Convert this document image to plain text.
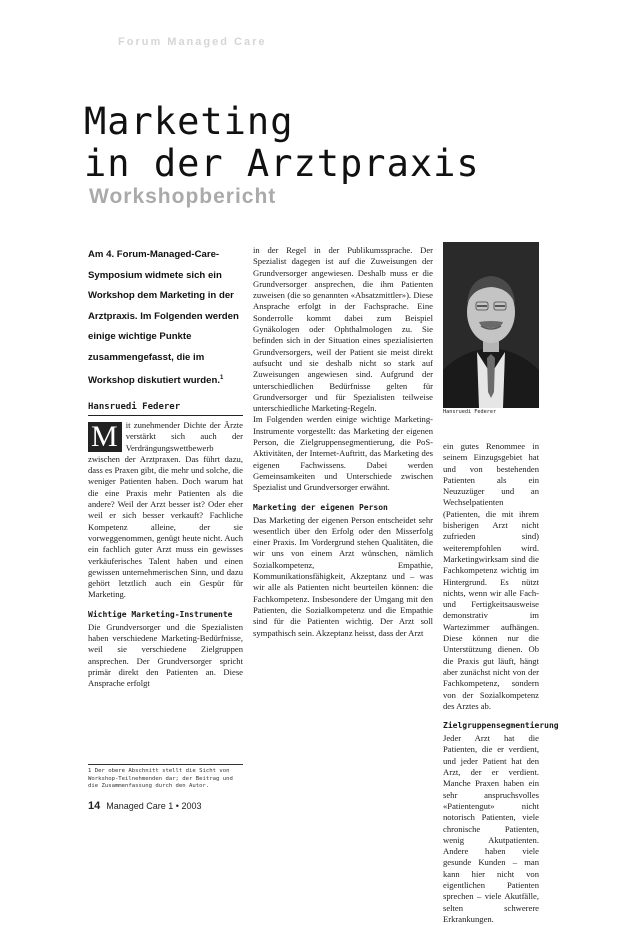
Forum Managed Care
Marketing
in der Arztpraxis
Workshopbericht
Am 4. Forum-Managed-Care-Symposium widmete sich ein Workshop dem Marketing in der Arztpraxis. Im Folgenden werden einige wichtige Punkte zusammengefasst, die im Workshop diskutiert wurden.$^1$
Hansruedi Federer

M it zunehmender Dichte der Ärzte verstärkt sich auch der Verdrängungswettbewerb zwischen der Arztpraxen. Das führt dazu, dass es Praxen gibt, die mehr und solche, die weniger Patienten haben. Doch warum hat die eine Praxis mehr Patienten als die andere? Weil der Arzt besser ist? Oder eher weil er sich besser verkauft? Fachliche Kompetenz alleine, der sie vorweggenommen, genügt heute nicht. Auch ein fachlich guter Arzt muss ein gewisses verkäuferisches Talent haben und einen gewissen unternehmerischen Sinn, und dazu gehört letztlich auch ein Gespür für Marketing.

Wichtige Marketing-Instrumente

Die Grundversorger und die Spezialisten haben verschiedene Marketing-Bedürfnisse, weil sie verschiedene Zielgruppen ansprechen. Der Grundversorger spricht primär direkt den Patienten an. Diese Ansprache erfolgt

1 Der obere Abschnitt stellt die Sicht von Workshop-Teilnehmenden dar; der Beitrag und die Zusammenfassung durch den Autor.

in der Regel in der Publikumssprache. Der Spezialist dagegen ist auf die Zuweisungen der Grundversorger angewiesen. Deshalb muss er die Grundversorger ansprechen, die ihm Patienten zuweisen (die so genannten «Absatzmittler»). Diese Ansprache erfolgt in der Fachsprache. Eine Sonderrolle kommt dabei zum Beispiel Gynäkologen oder Ophthalmologen zu. Sie befinden sich in der Situation eines spezialisierten Grundversorgers, weil der Patient sie meist direkt aufsucht und sie deshalb nicht so stark auf Zuweisungen angewiesen sind. Aufgrund der unterschiedlichen Bedürfnisse gelten für Grundversorger und für Spezialisten teilweise unterschiedliche Marketing-Regeln.

Im Folgenden werden einige wichtige Marketing-Instrumente vorgestellt: das Marketing der eigenen Person, die Zielgruppensegmentierung, die PoS-Aktivitäten, der Internet-Auftritt, das Marketing des eigenen Fachwissens. Dabei werden Gemeinsamkeiten und Unterschiede zwischen Spezialist und Grundversorger erwähnt.

Marketing der eigenen Person

Das Marketing der eigenen Person entscheidet sehr wesentlich über den Erfolg oder den Misserfolg einer Praxis. Im Vordergrund stehen Qualitäten, die wir uns von einem Arzt wünschen, nämlich Sozialkompetenz, Empathie, Kommunikationsfähigkeit, Akzeptanz und – was wir alle als Patienten nicht beurteilen können: die Fachkompetenz. Insbesondere der Umgang mit den Patienten, die Sozialkompetenz und die Empathie sind für die Patienten wichtig. Der Arzt soll sympathisch sein. Akzeptanz heisst, dass der Arzt

Hansruedi Federer

ein gutes Renommee in seinem Einzugsgebiet hat und von bestehenden Patienten als ein Neuzuzüger und an Wechselpatienten (Patienten, die mit ihrem bisherigen Arzt nicht zufrieden sind) weiterempfohlen wird. Marketingwirksam sind die Fachkompetenz wichtig im Hintergrund. Es nützt nichts, wenn wir alle Fach- und Fertigkeitsausweise demonstrativ im Wartezimmer aufhängen. Diese können nur die Unterstützung dienen. Ob die Praxis gut läuft, hängt aber zunächst nicht von der Fachkompetenz, sondern von der Sozialkompetenz des Arztes ab.

Zielgruppensegmentierung

Jeder Arzt hat die Patienten, die er verdient, und jeder Patient hat den Arzt, der er verdient. Manche Praxen haben ein sehr anspruchsvolles «Patientengut» nicht notorisch Patienten, viele chronische Patienten, wenig Akutpatienten. Andere haben viele gesunde Kunden – man kann hier nicht von eigentlichen Patienten sprechen – viele Akutfälle, selten schwerere Erkrankungen.

14 Managed Care 1 • 2003
